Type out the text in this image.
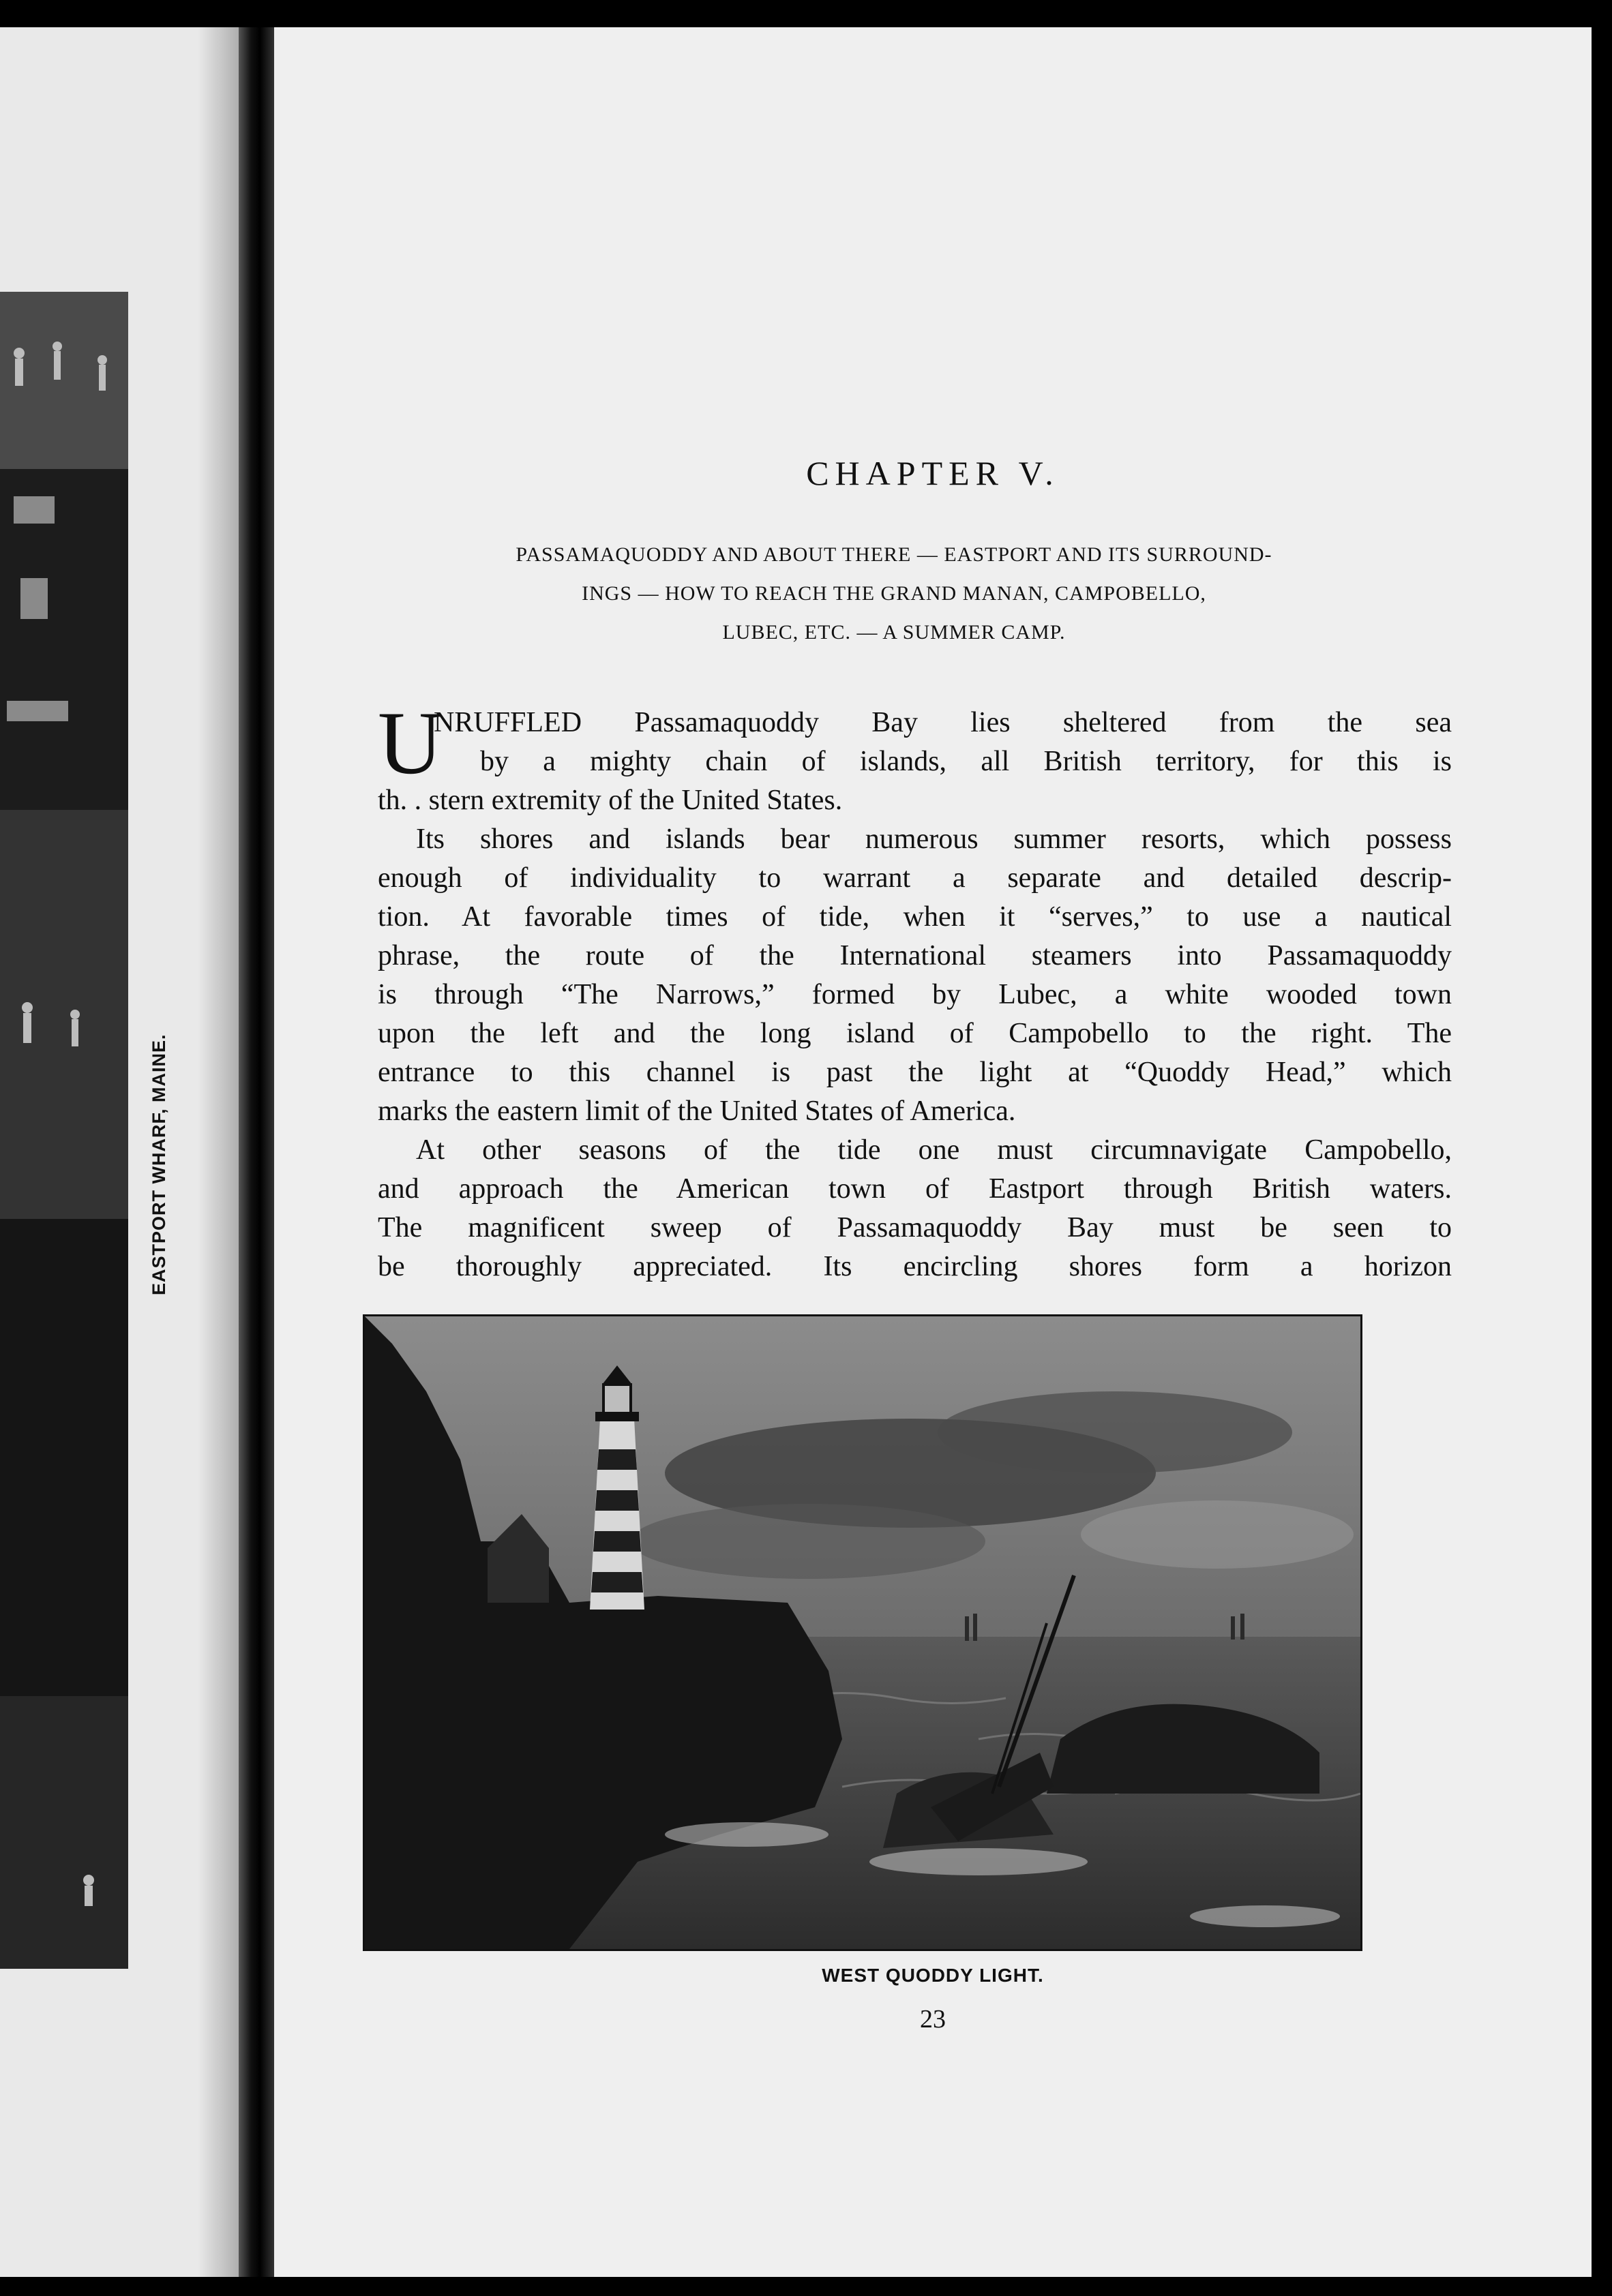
EASTPORT WHARF, MAINE.
CHAPTER V.
PASSAMAQUODDY AND ABOUT THERE — EASTPORT AND ITS SURROUND-
INGS — HOW TO REACH THE GRAND MANAN, CAMPOBELLO,
LUBEC, ETC. — A SUMMER CAMP.
U
NRUFFLED Passamaquoddy Bay lies sheltered from the sea
by a mighty chain of islands, all British territory, for this is
th. . stern extremity of the United States.

Its shores and islands bear numerous summer resorts, which possess
enough of individuality to warrant a separate and detailed descrip-
tion. At favorable times of tide, when it “serves,” to use a nautical
phrase, the route of the International steamers into Passamaquoddy
is through “The Narrows,” formed by Lubec, a white wooded town
upon the left and the long island of Campobello to the right. The
entrance to this channel is past the light at “Quoddy Head,” which
marks the eastern limit of the United States of America.

At other seasons of the tide one must circumnavigate Campobello,
and approach the American town of Eastport through British waters.
The magnificent sweep of Passamaquoddy Bay must be seen to
be thoroughly appreciated. Its encircling shores form a horizon

WEST QUODDY LIGHT.
23
